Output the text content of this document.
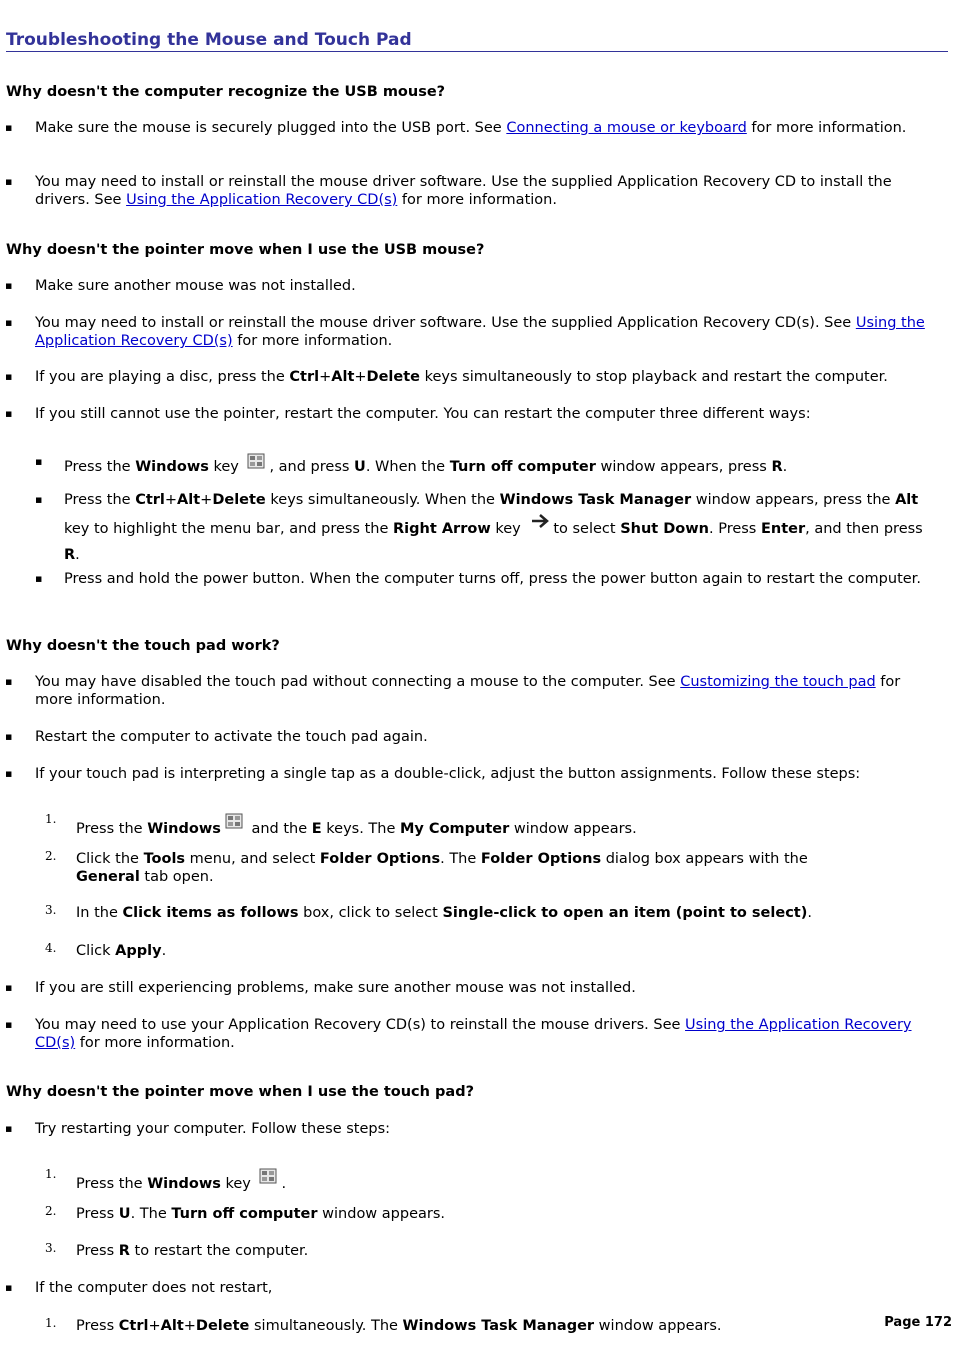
Troubleshooting the Mouse and Touch Pad
Why doesn't the computer recognize the USB mouse?
▪ Make sure the mouse is securely plugged into the USB port. See Connecting a mouse or keyboard for more information.
▪ You may need to install or reinstall the mouse driver software. Use the supplied Application Recovery CD to install the drivers. See Using the Application Recovery CD(s) for more information.
Why doesn't the pointer move when I use the USB mouse?
▪ Make sure another mouse was not installed.
▪ You may need to install or reinstall the mouse driver software. Use the supplied Application Recovery CD(s). See Using the Application Recovery CD(s) for more information.
▪ If you are playing a disc, press the Ctrl+Alt+Delete keys simultaneously to stop playback and restart the computer.
▪ If you still cannot use the pointer, restart the computer. You can restart the computer three different ways:
▪ Press the Windows key , and press U. When the Turn off computer window appears, press R.
▪ Press the Ctrl+Alt+Delete keys simultaneously. When the Windows Task Manager window appears, press the Alt key to highlight the menu bar, and press the Right Arrow key to select Shut Down. Press Enter, and then press R.
▪ Press and hold the power button. When the computer turns off, press the power button again to restart the computer.
Why doesn't the touch pad work?
▪ You may have disabled the touch pad without connecting a mouse to the computer. See Customizing the touch pad for more information.
▪ Restart the computer to activate the touch pad again.
▪ If your touch pad is interpreting a single tap as a double-click, adjust the button assignments. Follow these steps:
1.
Press the Windows and the E keys. The My Computer window appears.
2. Click the Tools menu, and select Folder Options. The Folder Options dialog box appears with the
General tab open.
3. In the Click items as follows box, click to select Single-click to open an item (point to select).
4. Click Apply.
▪ If you are still experiencing problems, make sure another mouse was not installed.
▪ You may need to use your Application Recovery CD(s) to reinstall the mouse drivers. See Using the Application Recovery CD(s) for more information.
Why doesn't the pointer move when I use the touch pad?
▪ Try restarting your computer. Follow these steps:
1.
Press the Windows key .
2. Press U. The Turn off computer window appears.
3. Press R to restart the computer.
▪ If the computer does not restart,
1. Press Ctrl+Alt+Delete simultaneously. The Windows Task Manager window appears.	Page 172
